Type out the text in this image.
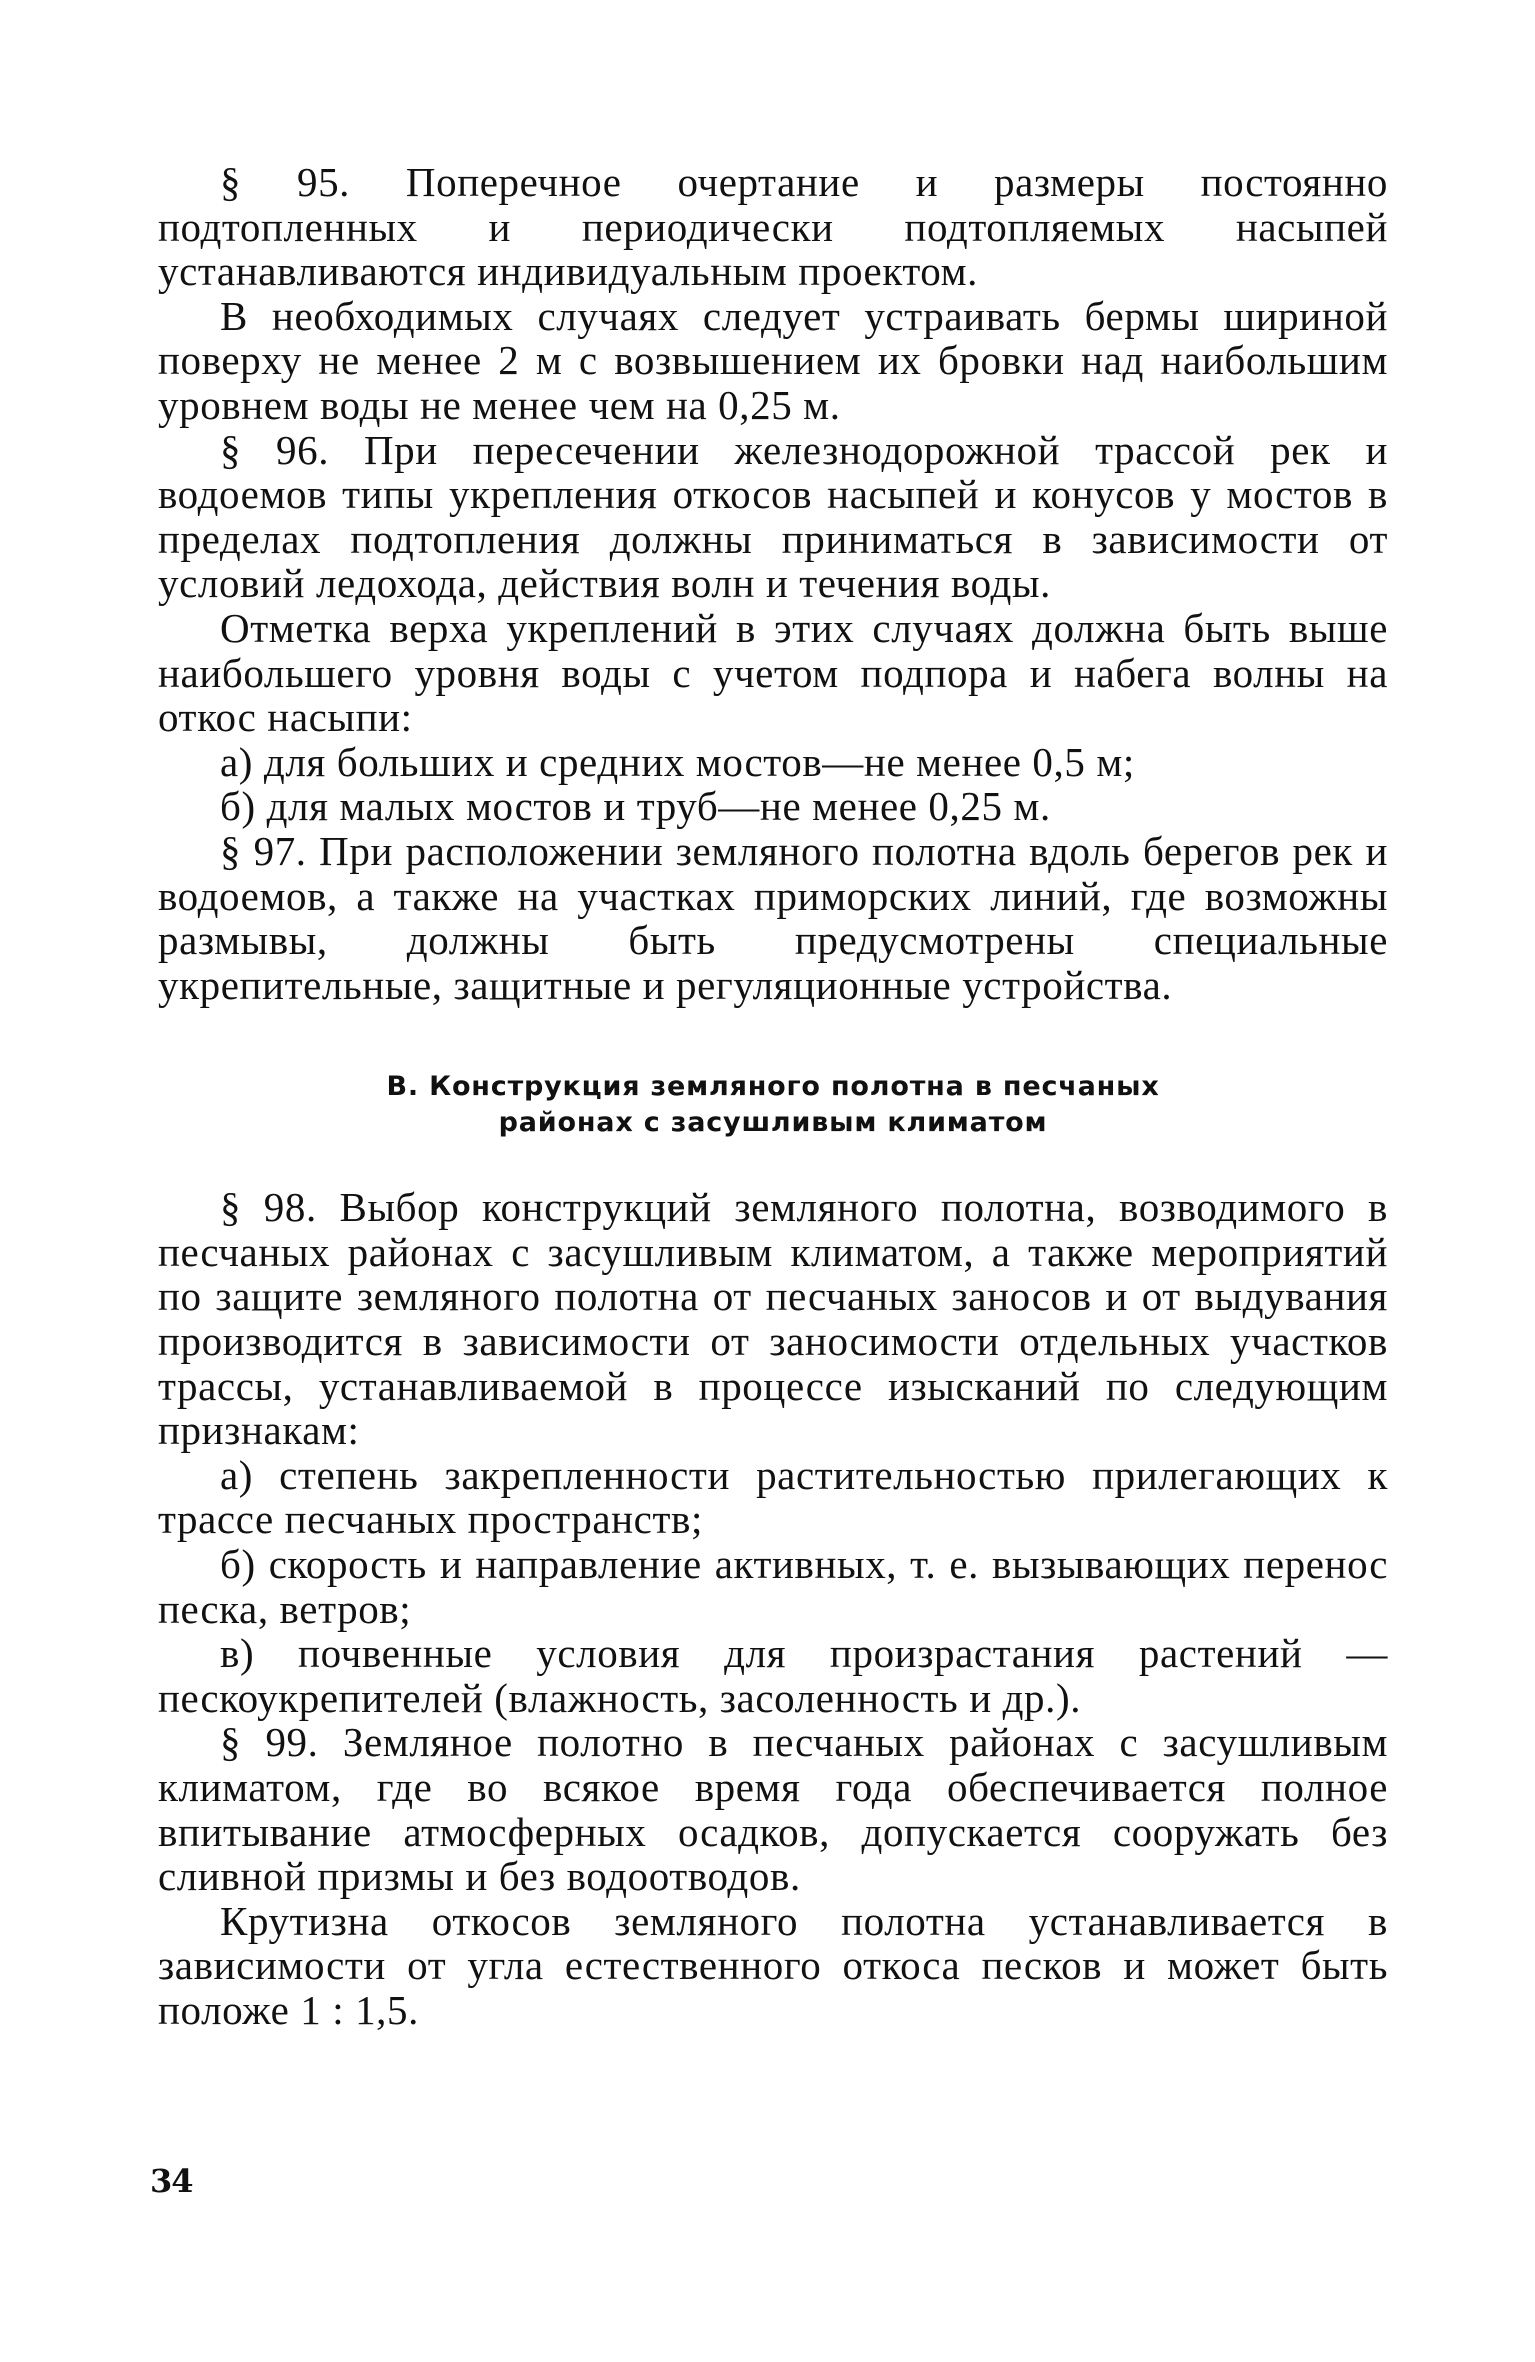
§ 95. Поперечное очертание и размеры постоянно подтопленных и периодически подтопляемых насыпей устанавливаются индивидуальным проектом.

В необходимых случаях следует устраивать бермы шириной поверху не менее 2 м с возвышением их бровки над наибольшим уровнем воды не менее чем на 0,25 м.

§ 96. При пересечении железнодорожной трассой рек и водоемов типы укрепления откосов насыпей и конусов у мостов в пределах подтопления должны приниматься в зависимости от условий ледохода, действия волн и течения воды.

Отметка верха укреплений в этих случаях должна быть выше наибольшего уровня воды с учетом подпора и набега волны на откос насыпи:

а) для больших и средних мостов—не менее 0,5 м;

б) для малых мостов и труб—не менее 0,25 м.

§ 97. При расположении земляного полотна вдоль берегов рек и водоемов, а также на участках приморских линий, где возможны размывы, должны быть предусмотрены специальные укрепительные, защитные и регуляционные устройства.

В. Конструкция земляного полотна в песчаных
районах с засушливым климатом

§ 98. Выбор конструкций земляного полотна, возводимого в песчаных районах с засушливым климатом, а также мероприятий по защите земляного полотна от песчаных заносов и от выдувания производится в зависимости от заносимости отдельных участков трассы, устанавливаемой в процессе изысканий по следующим признакам:

а) степень закрепленности растительностью прилегающих к трассе песчаных пространств;

б) скорость и направление активных, т. е. вызывающих перенос песка, ветров;

в) почвенные условия для произрастания растений — пескоукрепителей (влажность, засоленность и др.).

§ 99. Земляное полотно в песчаных районах с засушливым климатом, где во всякое время года обеспечивается полное впитывание атмосферных осадков, допускается сооружать без сливной призмы и без водоотводов.

Крутизна откосов земляного полотна устанавливается в зависимости от угла естественного откоса песков и может быть положе 1 : 1,5.

34
